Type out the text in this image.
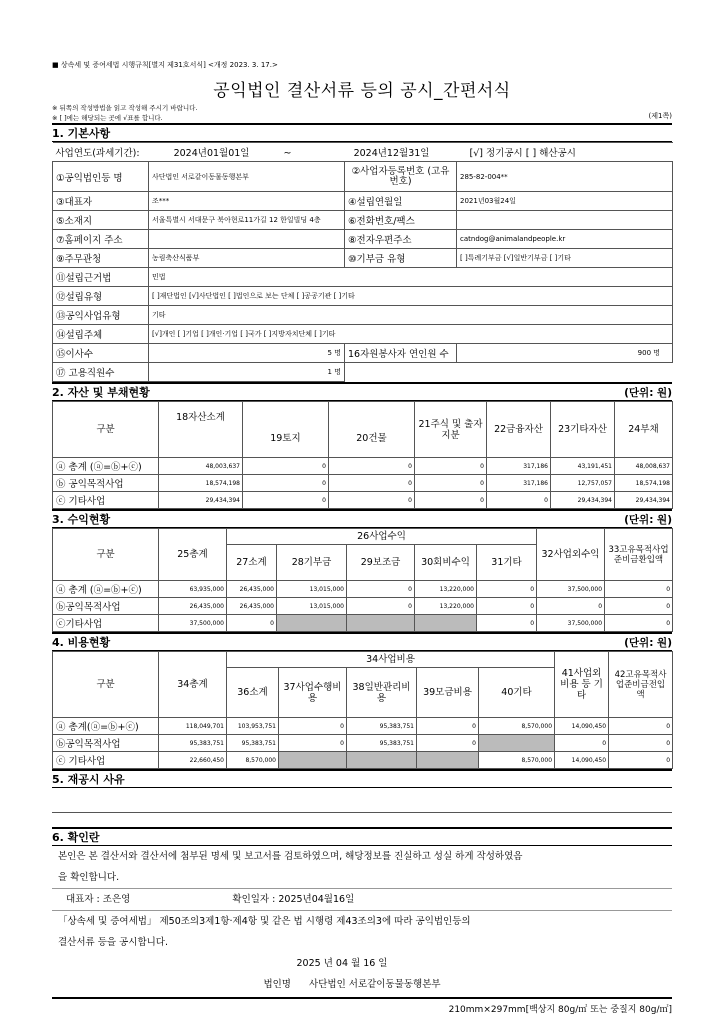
■ 상속세 및 증여세법 시행규칙[별지 제31호서식] <개정 2023. 3. 17.>
공익법인 결산서류 등의 공시_간편서식
※ 뒤쪽의 작성방법을 읽고 작성해 주시기 바랍니다.
※ [ ]에는 해당되는 곳에 √표를 합니다.	(제1쪽)
1. 기본사항
사업연도(과세기간): 2024년01월01일 ~ 2024년12월31일 [√] 정기공시 [ ] 해산공시			
①공익법인등 명	사단법인 서로같이동물동행본부	②사업자등록번호 (고유번호)	285-82-004**
③대표자	조***	④설립연월일	2021년03월24일
⑤소재지	서울특별시 서대문구 북아현로11가길 12 한일빌딩 4층	⑥전화번호/팩스	
⑦홈페이지 주소		⑧전자우편주소	catndog@animalandpeople.kr
⑨주무관청	농림축산식품부	⑩기부금 유형	[ ]특례기부금 [√]일반기부금 [ ]기타
⑪설립근거법	민법		
⑫설립유형	[ ]재단법인 [√]사단법인 [ ]법인으로 보는 단체 [ ]공공기관 [ ]기타		
⑬공익사업유형	기타		
⑭설립주체	[√]개인 [ ]기업 [ ]개인·기업 [ ]국가 [ ]지방자치단체 [ ]기타		
⑮이사수	5 명	16자원봉사자 연인원 수	900 명
⑰ 고용직원수	1 명		
2. 자산 및 부채현황	(단위: 원)
구분	18자산소계			21주식 및 출자지분	22금융자산	23기타자산	24부채
		19토지	20건물				
ⓐ 총계 (ⓐ=ⓑ+ⓒ)	48,003,637	0	0	0	317,186	43,191,451	48,008,637
ⓑ 공익목적사업	18,574,198	0	0	0	317,186	12,757,057	18,574,198
ⓒ 기타사업	29,434,394	0	0	0	0	29,434,394	29,434,394
3. 수익현황	(단위: 원)
구분	25총계	26사업수익					32사업외수익	33고유목적사업준비금환입액
		27소계	28기부금	29보조금	30회비수익	31기타		
ⓐ 총계 (ⓐ=ⓑ+ⓒ)	63,935,000	26,435,000	13,015,000	0	13,220,000	0	37,500,000	0
ⓑ공익목적사업	26,435,000	26,435,000	13,015,000	0	13,220,000	0	0	0
ⓒ기타사업	37,500,000	0				0	37,500,000	0
4. 비용현황	(단위: 원)
구분	34총계	34사업비용					41사업외비용 등 기타	42고유목적사업준비금전입액
		36소계	37사업수행비용	38일반관리비용	39모금비용	40기타		
ⓐ 총계(ⓐ=ⓑ+ⓒ)	118,049,701	103,953,751	0	95,383,751	0	8,570,000	14,090,450	0
ⓑ공익목적사업	95,383,751	95,383,751	0	95,383,751	0		0	0
ⓒ 기타사업	22,660,450	8,570,000				8,570,000	14,090,450	0
5. 재공시 사유
6. 확인란
본인은 본 결산서와 결산서에 첨부된 명세 및 보고서를 검토하였으며, 해당정보를 진실하고 성실 하게 작성하였음
을 확인합니다.
대표자 : 조은영	확인일자 : 2025년04월16일
「상속세 및 증여세법」 제50조의3제1항·제4항 및 같은 법 시행령 제43조의3에 따라 공익법인등의
결산서류 등을 공시합니다.
2025 년 04 월 16 일
법인명 사단법인 서로같이동물동행본부
210mm×297mm[백상지 80g/㎡ 또는 중질지 80g/㎡]
